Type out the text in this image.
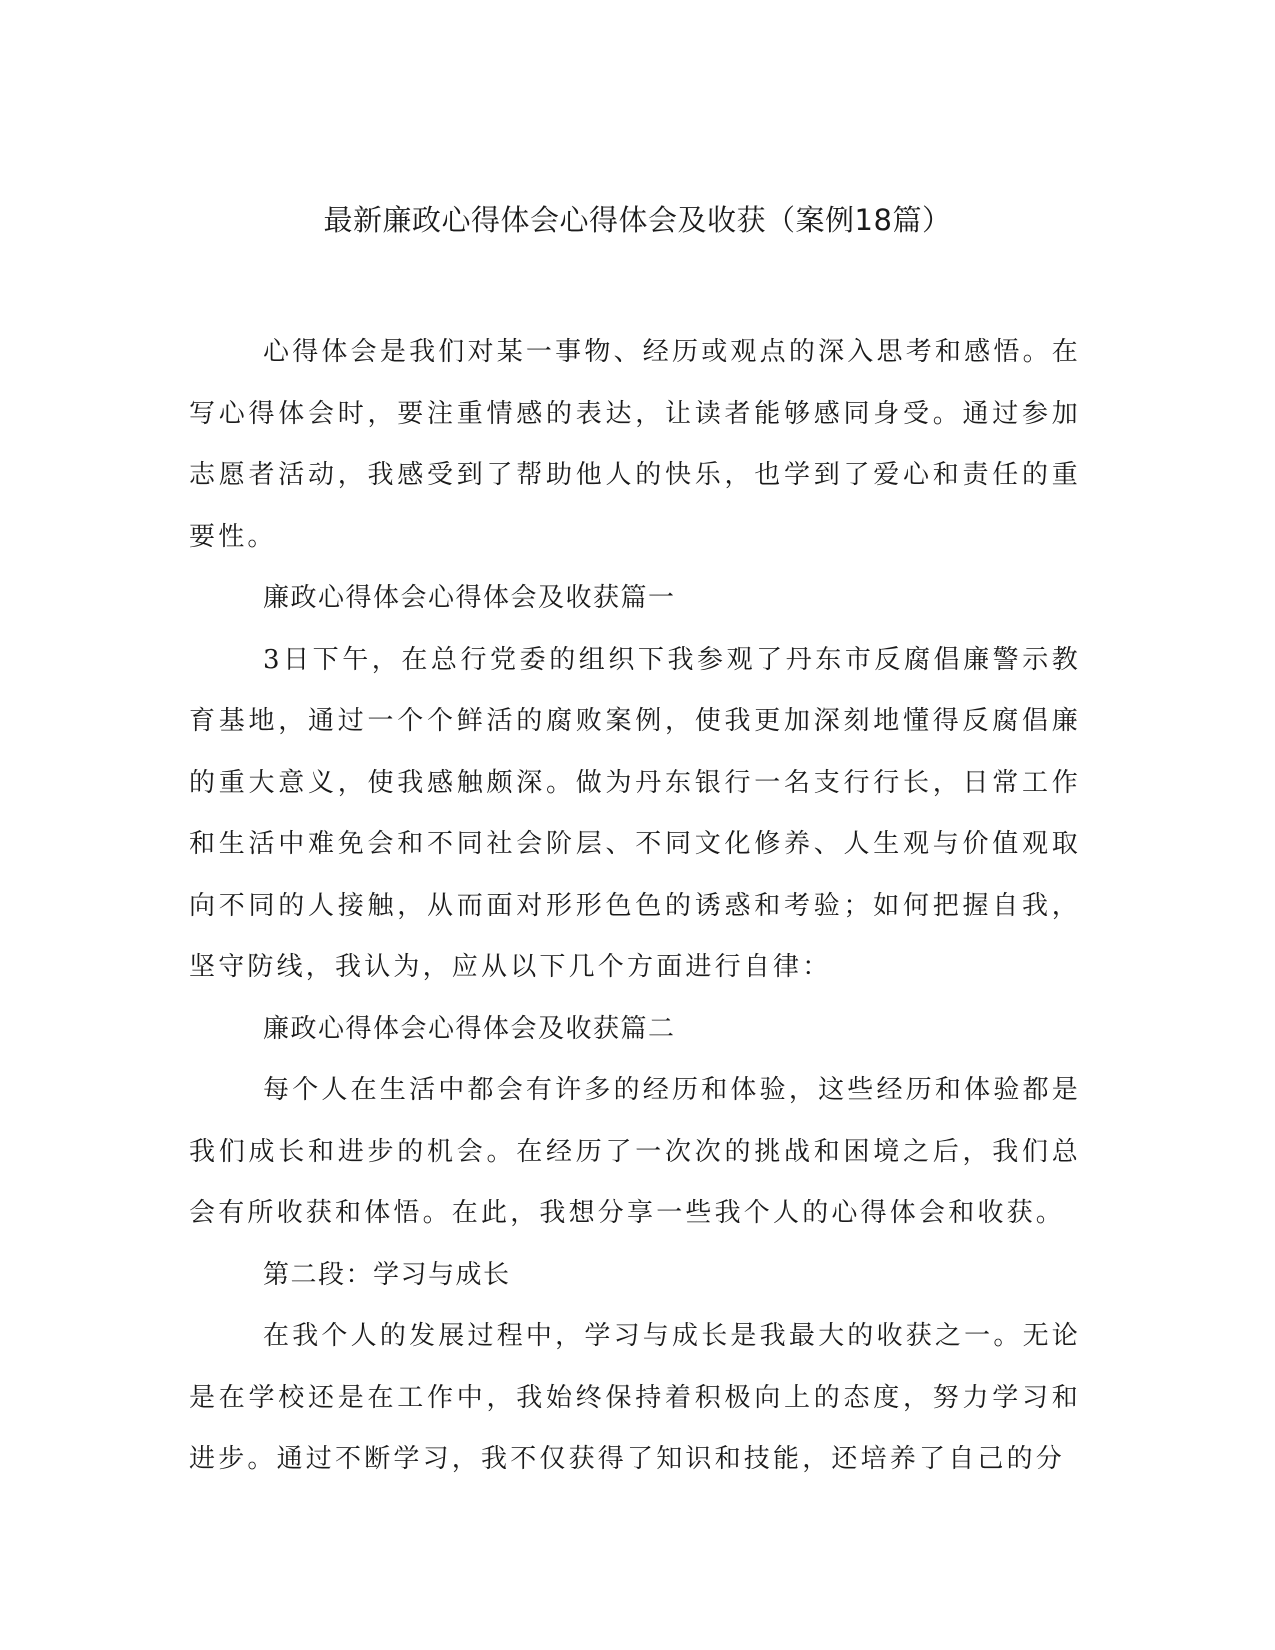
最新廉政心得体会心得体会及收获（案例18篇）

心得体会是我们对某一事物、经历或观点的深入思考和感悟。在写心得体会时，要注重情感的表达，让读者能够感同身受。通过参加志愿者活动，我感受到了帮助他人的快乐，也学到了爱心和责任的重要性。

廉政心得体会心得体会及收获篇一

3日下午，在总行党委的组织下我参观了丹东市反腐倡廉警示教育基地，通过一个个鲜活的腐败案例，使我更加深刻地懂得反腐倡廉的重大意义，使我感触颇深。做为丹东银行一名支行行长，日常工作和生活中难免会和不同社会阶层、不同文化修养、人生观与价值观取向不同的人接触，从而面对形形色色的诱惑和考验；如何把握自我，坚守防线，我认为，应从以下几个方面进行自律：

廉政心得体会心得体会及收获篇二

每个人在生活中都会有许多的经历和体验，这些经历和体验都是我们成长和进步的机会。在经历了一次次的挑战和困境之后，我们总会有所收获和体悟。在此，我想分享一些我个人的心得体会和收获。

第二段：学习与成长

在我个人的发展过程中，学习与成长是我最大的收获之一。无论是在学校还是在工作中，我始终保持着积极向上的态度，努力学习和进步。通过不断学习，我不仅获得了知识和技能，还培养了自己的分
